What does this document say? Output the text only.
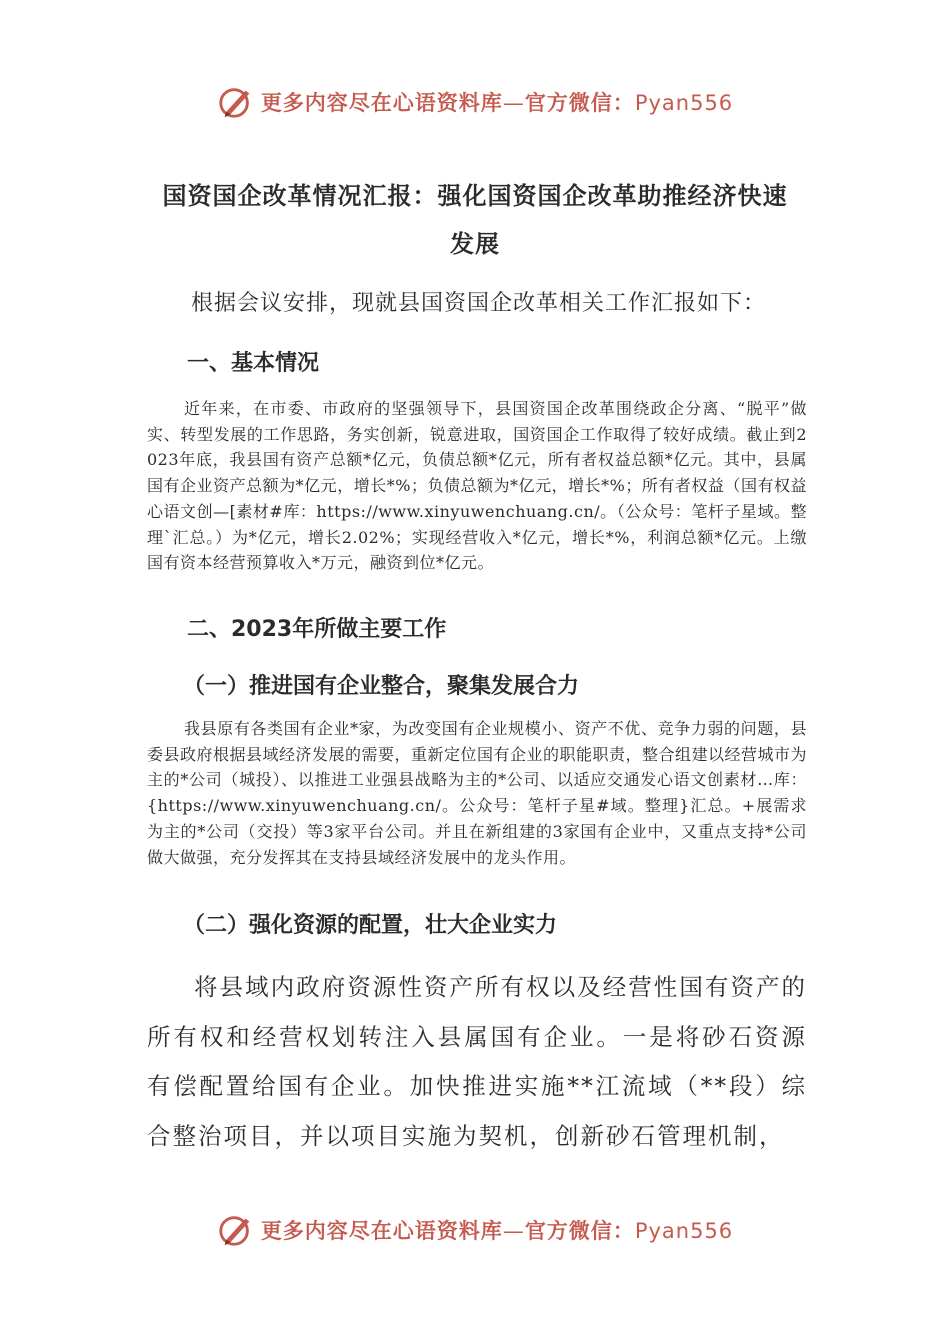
更多内容尽在心语资料库—官方微信：Pyan556
国资国企改革情况汇报：强化国资国企改革助推经济快速
发展

根据会议安排，现就县国资国企改革相关工作汇报如下：

一、基本情况

近年来，在市委、市政府的坚强领导下，县国资国企改革围绕政企分离、“脱平”做实、转型发展的工作思路，务实创新，锐意进取，国资国企工作取得了较好成绩。截止到2023年底，我县国有资产总额*亿元，负债总额*亿元，所有者权益总额*亿元。其中，县属国有企业资产总额为*亿元，增长*%；负债总额为*亿元，增长*%；所有者权益（国有权益心语文创—[素材#库：https://www.xinyuwenchuang.cn/。（公众号：笔杆子星域。整理`汇总。）为*亿元，增长2.02%；实现经营收入*亿元，增长*%，利润总额*亿元。上缴国有资本经营预算收入*万元，融资到位*亿元。

二、2023年所做主要工作
（一）推进国有企业整合，聚集发展合力

我县原有各类国有企业*家，为改变国有企业规模小、资产不优、竞争力弱的问题，县委县政府根据县域经济发展的需要，重新定位国有企业的职能职责，整合组建以经营城市为主的*公司（城投）、以推进工业强县战略为主的*公司、以适应交通发心语文创素材…库：{https://www.xinyuwenchuang.cn/。公众号：笔杆子星#域。整理}汇总。+展需求为主的*公司（交投）等3家平台公司。并且在新组建的3家国有企业中，又重点支持*公司做大做强，充分发挥其在支持县域经济发展中的龙头作用。

（二）强化资源的配置，壮大企业实力

将县域内政府资源性资产所有权以及经营性国有资产的所有权和经营权划转注入县属国有企业。一是将砂石资源有偿配置给国有企业。加快推进实施**江流域（**段）综合整治项目，并以项目实施为契机，创新砂石管理机制，

更多内容尽在心语资料库—官方微信：Pyan556
